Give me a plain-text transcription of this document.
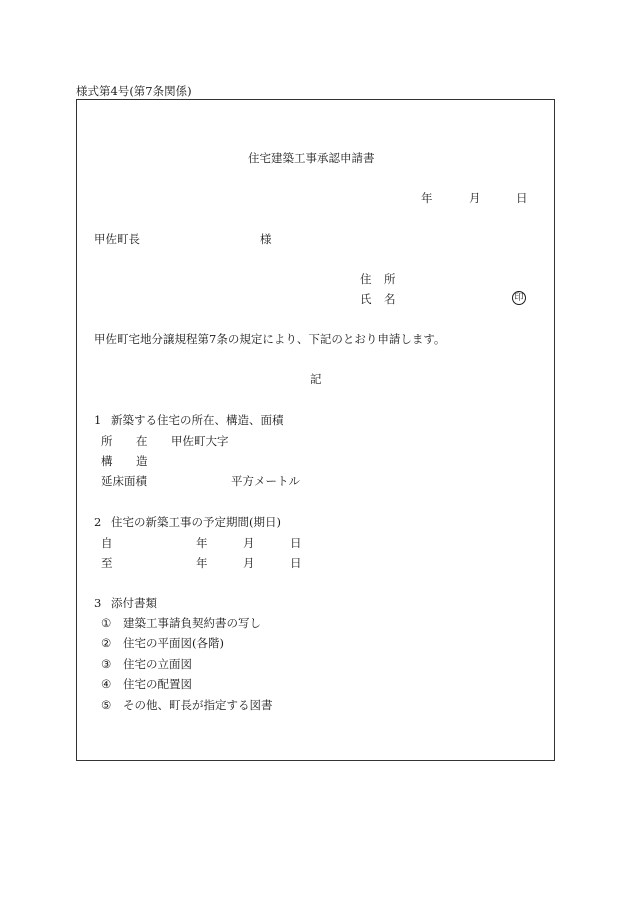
様式第4号(第7条関係)
住宅建築工事承認申請書
年	月	日
甲佐町長	様
住 所
氏 名	印
甲佐町宅地分譲規程第7条の規定により、下記のとおり申請します。
記
1 新築する住宅の所在、構造、面積
所 在 甲佐町大字
構 造
延床面積	平方メートル
2 住宅の新築工事の予定期間(期日)
自	年	月	日
至	年	月	日
3 添付書類
① 建築工事請負契約書の写し
② 住宅の平面図(各階)
③ 住宅の立面図
④ 住宅の配置図
⑤ その他、町長が指定する図書
